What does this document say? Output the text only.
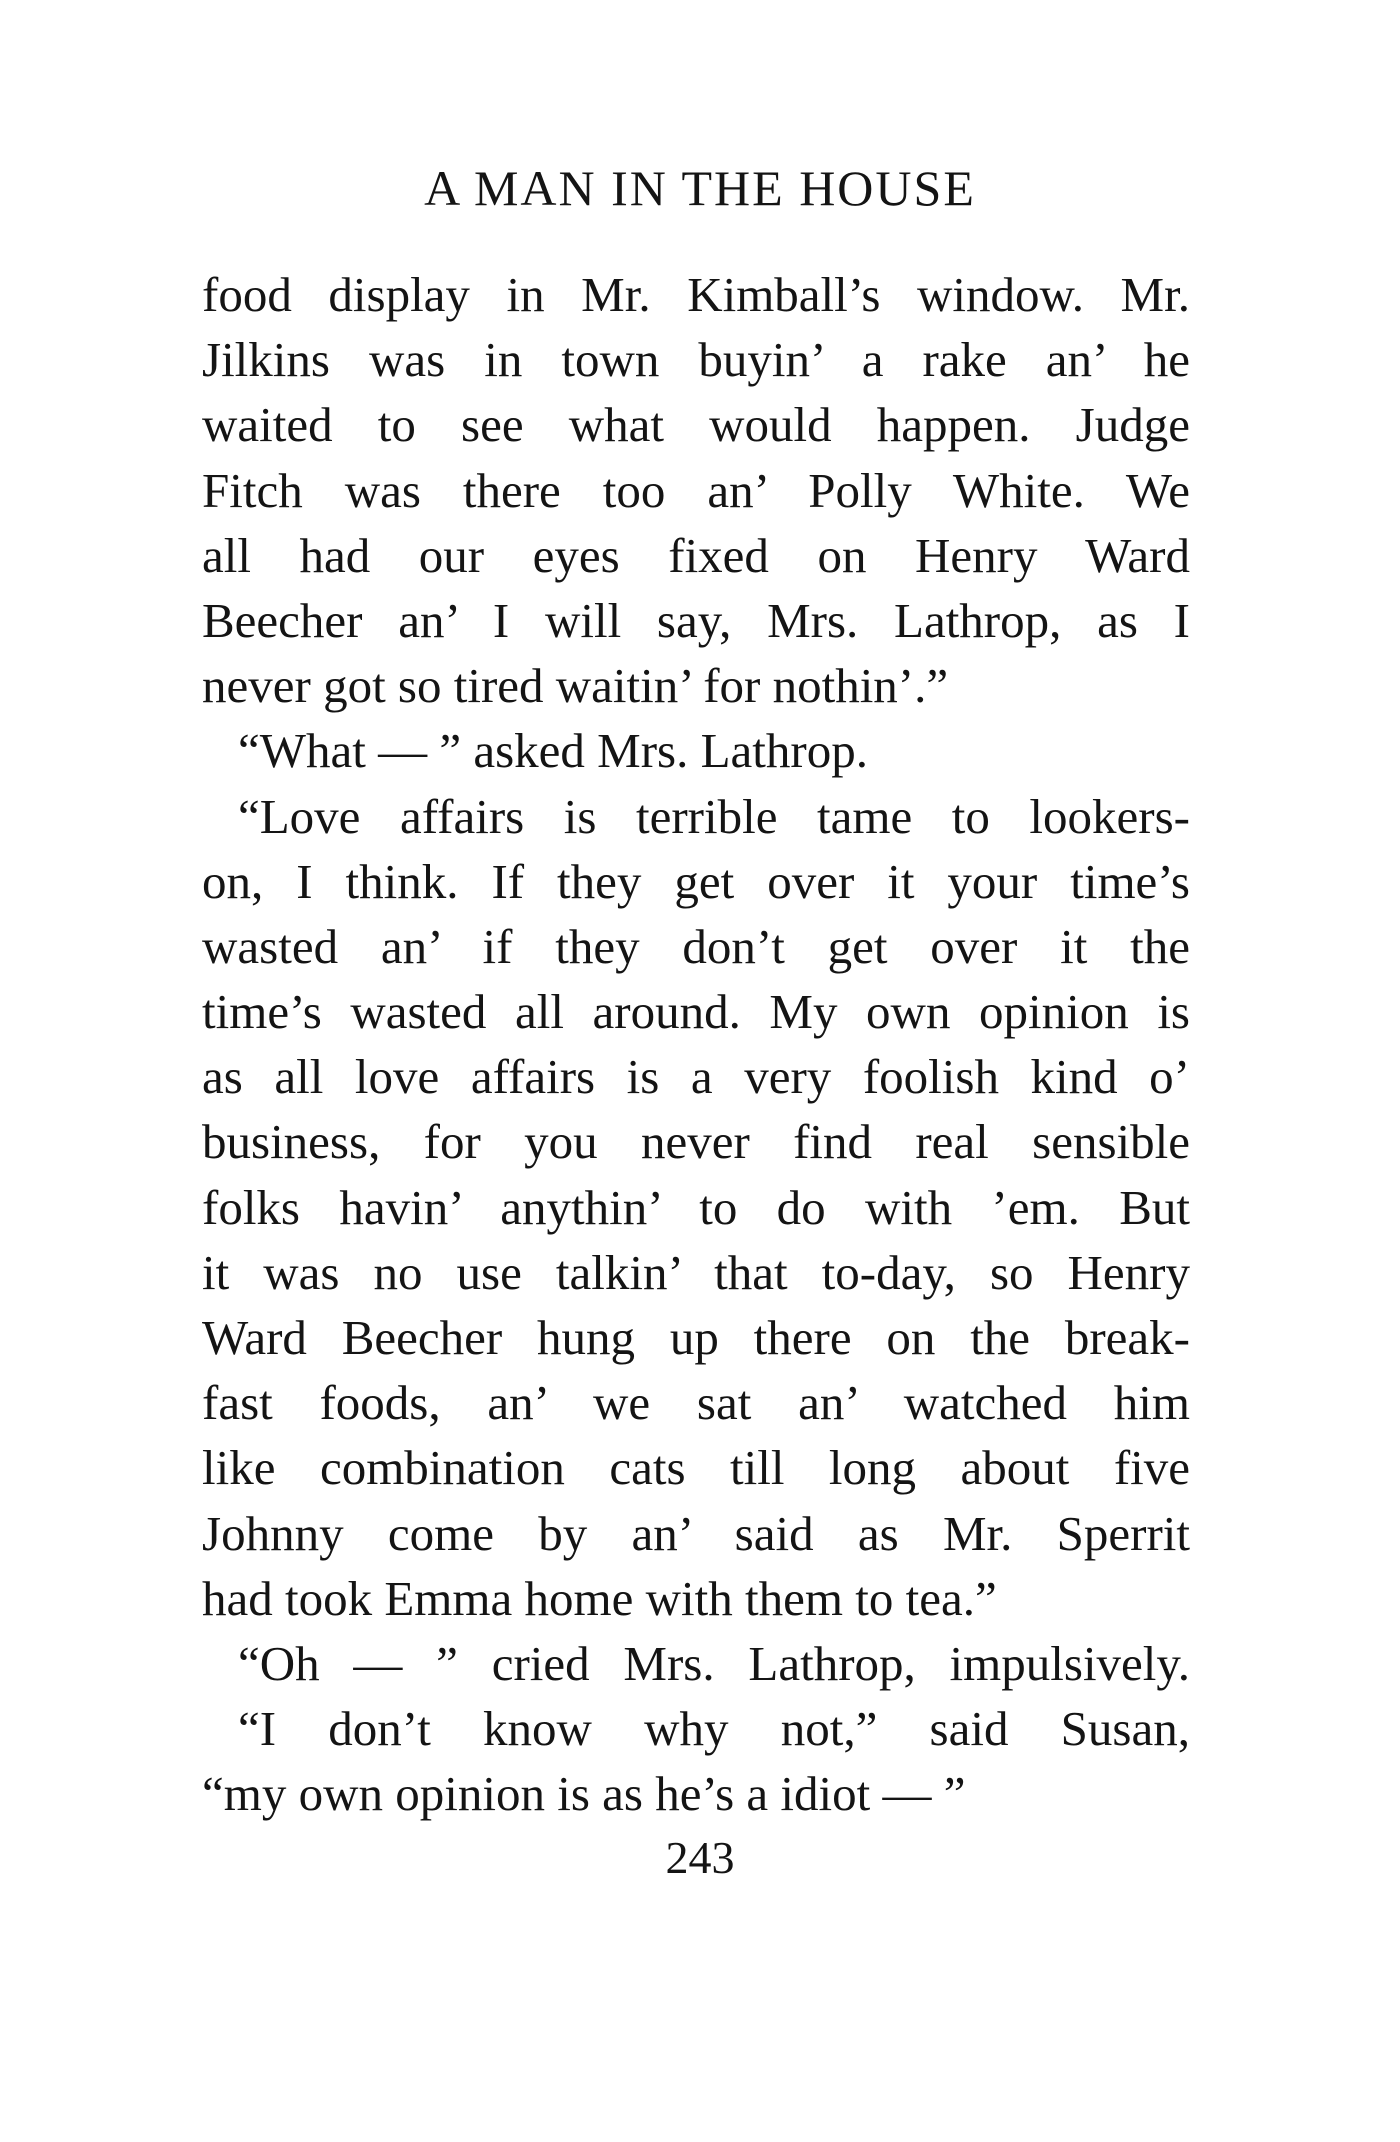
A MAN IN THE HOUSE
food display in Mr. Kimball’s window. Mr.
Jilkins was in town buyin’ a rake an’ he
waited to see what would happen. Judge
Fitch was there too an’ Polly White. We
all had our eyes fixed on Henry Ward
Beecher an’ I will say, Mrs. Lathrop, as I
never got so tired waitin’ for nothin’.”
“What — ” asked Mrs. Lathrop.
“Love affairs is terrible tame to lookers-
on, I think. If they get over it your time’s
wasted an’ if they don’t get over it the
time’s wasted all around. My own opinion is
as all love affairs is a very foolish kind o’
business, for you never find real sensible
folks havin’ anythin’ to do with ’em. But
it was no use talkin’ that to-day, so Henry
Ward Beecher hung up there on the break-
fast foods, an’ we sat an’ watched him
like combination cats till long about five
Johnny come by an’ said as Mr. Sperrit
had took Emma home with them to tea.”
“Oh — ” cried Mrs. Lathrop, impulsively.
“I don’t know why not,” said Susan,
“my own opinion is as he’s a idiot — ”
243
